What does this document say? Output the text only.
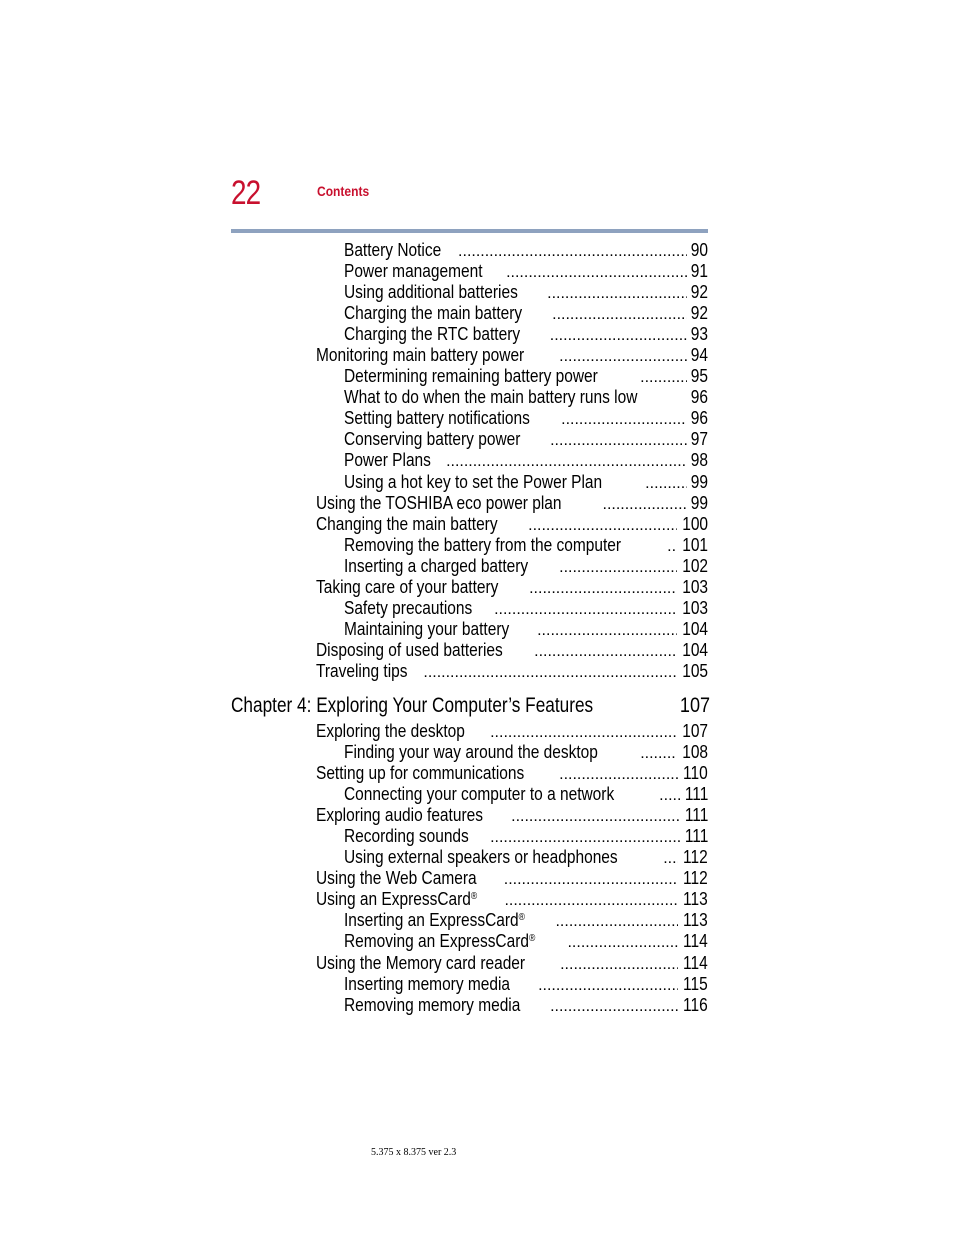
22	Contents
Battery Notice .....	90
Power management .....	91
Using additional batteries .....	92
Charging the main battery .....	92
Charging the RTC battery .....	93
Monitoring main battery power .....	94
Determining remaining battery power .....	95
What to do when the main battery runs low .....	96
Setting battery notifications .....	96
Conserving battery power .....	97
Power Plans .....	98
Using a hot key to set the Power Plan .....	99
Using the TOSHIBA eco power plan .....	99
Changing the main battery .....	100
Removing the battery from the computer .....	101
Inserting a charged battery .....	102
Taking care of your battery .....	103
Safety precautions .....	103
Maintaining your battery .....	104
Disposing of used batteries .....	104
Traveling tips .....	105
Chapter 4: Exploring Your Computer’s Features	107
Exploring the desktop .....	107
Finding your way around the desktop .....	108
Setting up for communications .....	110
Connecting your computer to a network .....	111
Exploring audio features .....	111
Recording sounds .....	111
Using external speakers or headphones .....	112
Using the Web Camera .....	112
Using an ExpressCard® .....	113
Inserting an ExpressCard® .....	113
Removing an ExpressCard® .....	114
Using the Memory card reader .....	114
Inserting memory media .....	115
Removing memory media .....	116
5.375 x 8.375 ver 2.3
